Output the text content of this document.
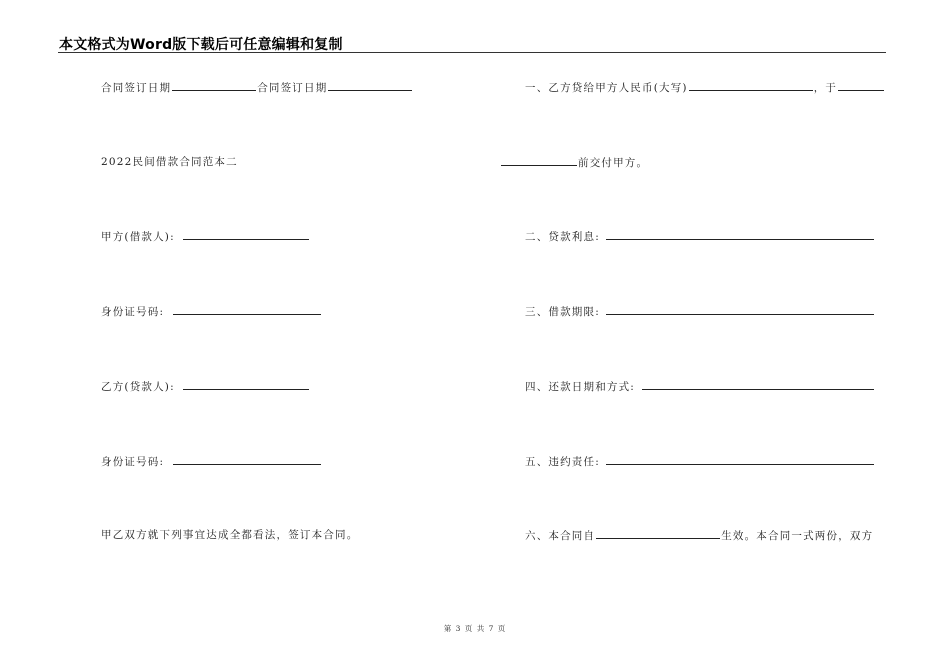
本文格式为Word版下载后可任意编辑和复制
合同签订日期	合同签订日期
2022民间借款合同范本二
甲方(借款人):
身份证号码:
乙方(贷款人):
身份证号码:
甲乙双方就下列事宜达成全都看法，签订本合同。
一、乙方贷给甲方人民币(大写)	，于
前交付甲方。
二、贷款利息:
三、借款期限:
四、还款日期和方式:
五、违约责任:
六、本合同自	生效。本合同一式两份，双方
第 3 页 共 7 页
